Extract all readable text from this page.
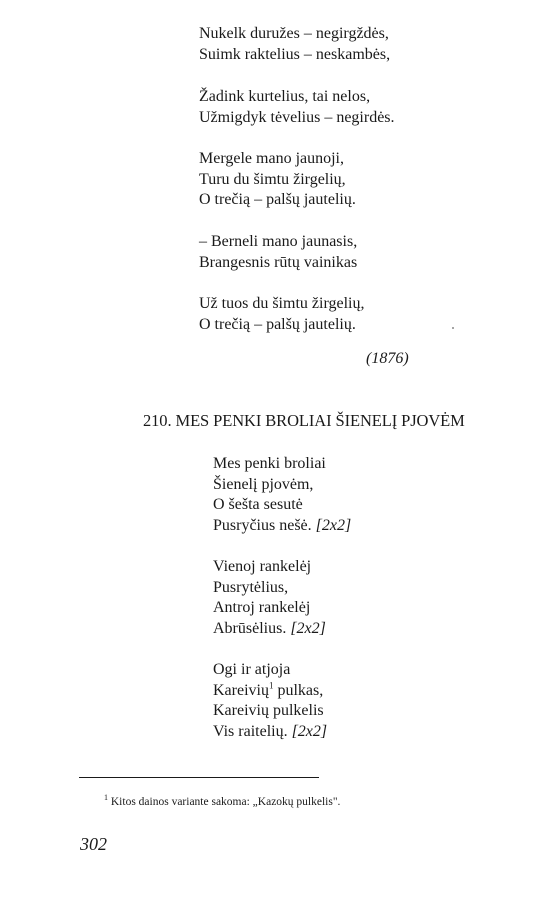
Nukelk duružes – negirgždės,
Suimk raktelius – neskambės,
Žadink kurtelius, tai nelos,
Užmigdyk tėvelius – negirdės.
Mergele mano jaunoji,
Turu du šimtu žirgelių,
O trečią – palšų jautelių.
– Berneli mano jaunasis,
Brangesnis rūtų vainikas
Už tuos du šimtu žirgelių,
O trečią – palšų jautelių.
(1876)
210. MES PENKI BROLIAI ŠIENELĮ PJOVĖM
Mes penki broliai
Šienelį pjovėm,
O šešta sesutė
Pusryčius nešė. [2x2]
Vienoj rankelėj
Pusrytėlius,
Antroj rankelėj
Abrūsėlius. [2x2]
Ogi ir atjoja
Kareivių$^1$ pulkas,
Kareivių pulkelis
Vis raitelių. [2x2]
$^1$ Kitos dainos variante sakoma: „Kazokų pulkelis".
302
